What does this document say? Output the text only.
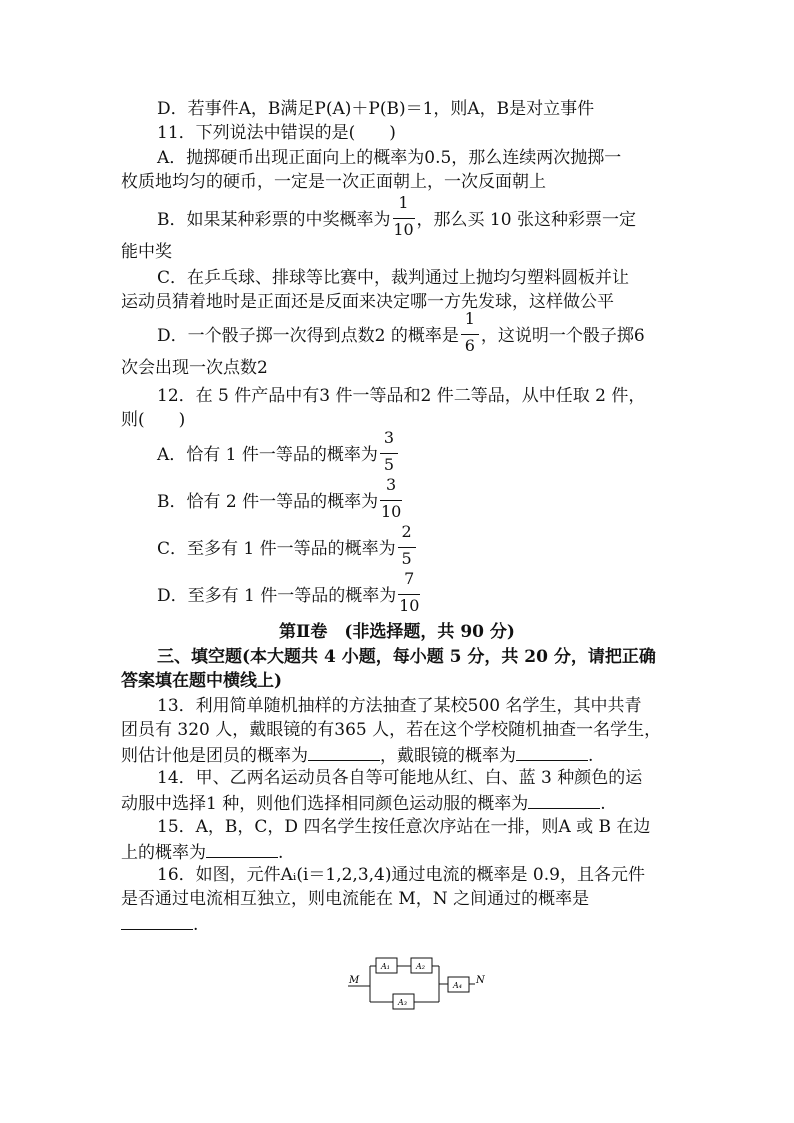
D．若事件A，B满足P(A)＋P(B)＝1，则A，B是对立事件
11．下列说法中错误的是(　　)
A．抛掷硬币出现正面向上的概率为0.5，那么连续两次抛掷一
枚质地均匀的硬币，一定是一次正面朝上，一次反面朝上
B．如果某种彩票的中奖概率为 $\frac{1}{10}$ ，那么买 10 张这种彩票一定
能中奖
C．在乒乓球、排球等比赛中，裁判通过上抛均匀塑料圆板并让
运动员猜着地时是正面还是反面来决定哪一方先发球，这样做公平
D．一个骰子掷一次得到点数2 的概率是 $\frac{1}{6}$ ，这说明一个骰子掷6
次会出现一次点数2
12．在 5 件产品中有3 件一等品和2 件二等品，从中任取 2 件，
则(　　)
A．恰有 1 件一等品的概率为 $\frac{3}{5}$
B．恰有 2 件一等品的概率为 $\frac{3}{10}$
C．至多有 1 件一等品的概率为 $\frac{2}{5}$
D．至多有 1 件一等品的概率为 $\frac{7}{10}$
第Ⅱ卷　(非选择题，共 90 分)
三、填空题(本大题共 4 小题，每小题 5 分，共 20 分，请把正确
答案填在题中横线上)
13．利用简单随机抽样的方法抽查了某校500 名学生，其中共青
团员有 320 人，戴眼镜的有365 人，若在这个学校随机抽查一名学生，
则估计他是团员的概率为	，戴眼镜的概率为	.
14．甲、乙两名运动员各自等可能地从红、白、蓝 3 种颜色的运
动服中选择1 种，则他们选择相同颜色运动服的概率为	.
15．A，B，C，D 四名学生按任意次序站在一排，则A 或 B 在边
上的概率为	.
16．如图，元件Aᵢ(i＝1,2,3,4)通过电流的概率是 0.9，且各元件
是否通过电流相互独立，则电流能在 M，N 之间通过的概率是
.
M
A₁	A₂
A₃
A₄ N
